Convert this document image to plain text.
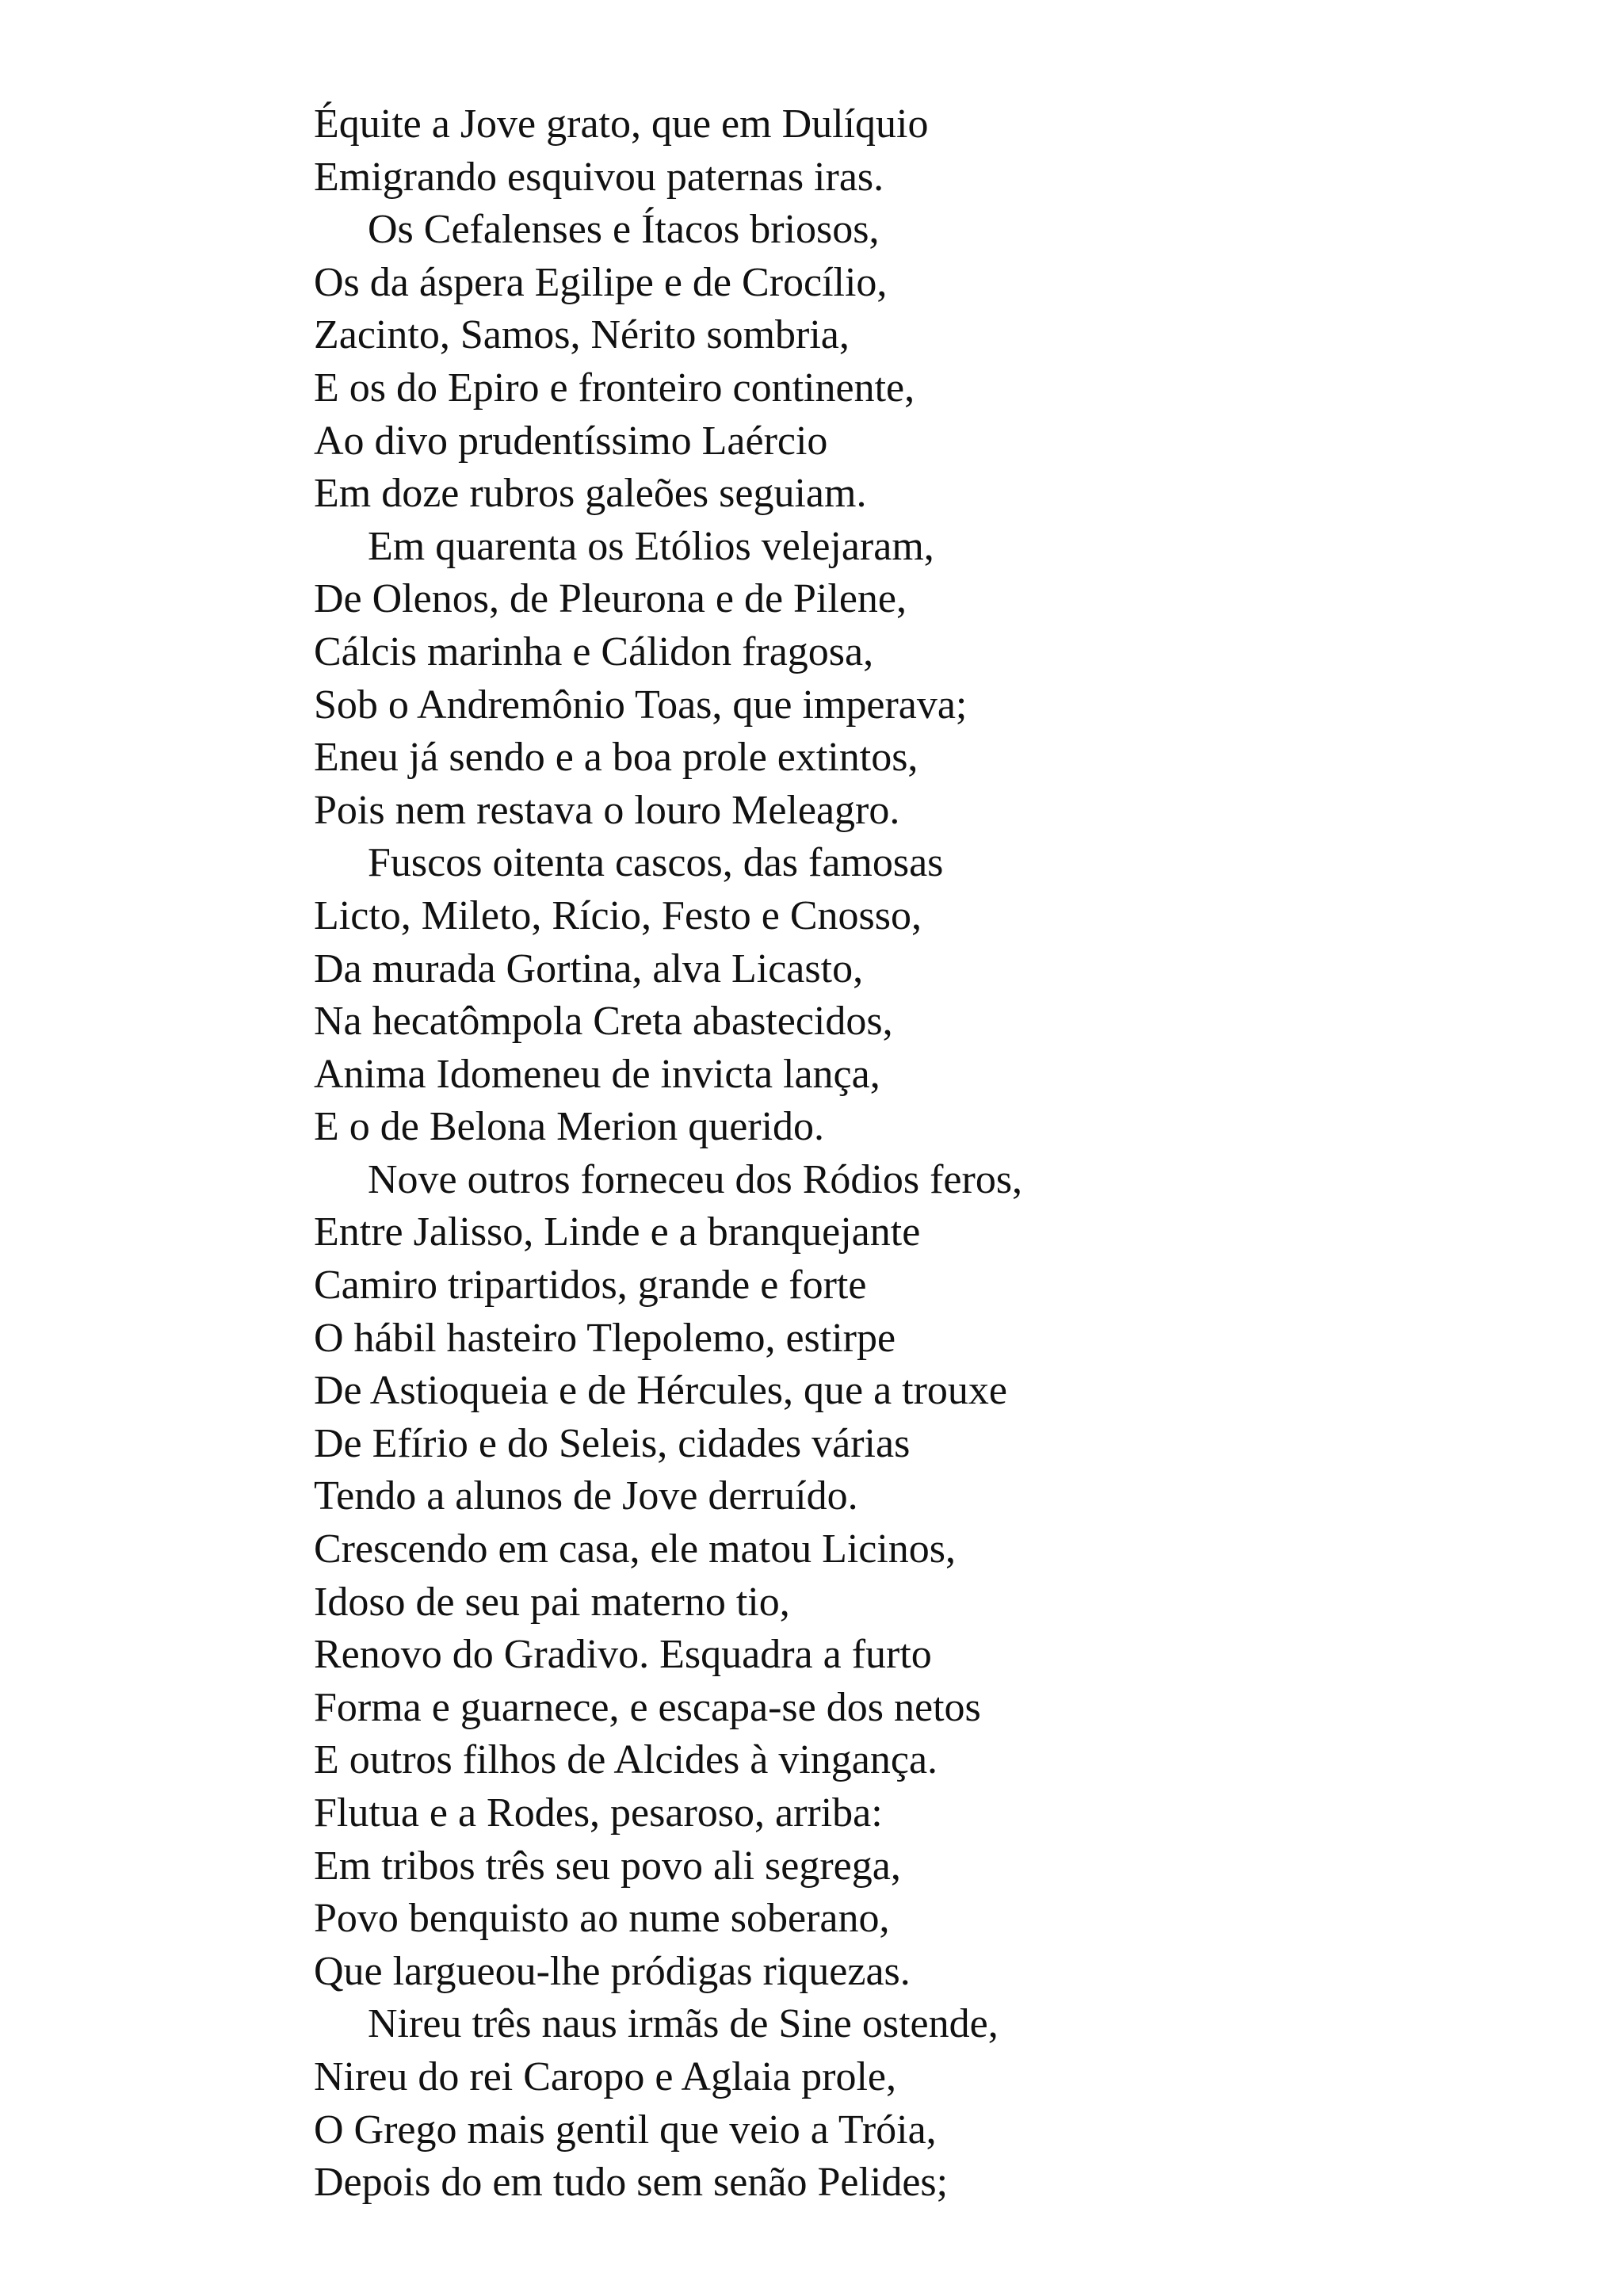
Équite a Jove grato, que em Dulíquio
Emigrando esquivou paternas iras.
Os Cefalenses e Ítacos briosos,
Os da áspera Egilipe e de Crocílio,
Zacinto, Samos, Nérito sombria,
E os do Epiro e fronteiro continente,
Ao divo prudentíssimo Laércio
Em doze rubros galeões seguiam.
Em quarenta os Etólios velejaram,
De Olenos, de Pleurona e de Pilene,
Cálcis marinha e Cálidon fragosa,
Sob o Andremônio Toas, que imperava;
Eneu já sendo e a boa prole extintos,
Pois nem restava o louro Meleagro.
Fuscos oitenta cascos, das famosas
Licto, Mileto, Rício, Festo e Cnosso,
Da murada Gortina, alva Licasto,
Na hecatômpola Creta abastecidos,
Anima Idomeneu de invicta lança,
E o de Belona Merion querido.
Nove outros forneceu dos Ródios feros,
Entre Jalisso, Linde e a branquejante
Camiro tripartidos, grande e forte
O hábil hasteiro Tlepolemo, estirpe
De Astioqueia e de Hércules, que a trouxe
De Efírio e do Seleis, cidades várias
Tendo a alunos de Jove derruído.
Crescendo em casa, ele matou Licinos,
Idoso de seu pai materno tio,
Renovo do Gradivo. Esquadra a furto
Forma e guarnece, e escapa-se dos netos
E outros filhos de Alcides à vingança.
Flutua e a Rodes, pesaroso, arriba:
Em tribos três seu povo ali segrega,
Povo benquisto ao nume soberano,
Que largueou-lhe pródigas riquezas.
Nireu três naus irmãs de Sine ostende,
Nireu do rei Caropo e Aglaia prole,
O Grego mais gentil que veio a Tróia,
Depois do em tudo sem senão Pelides;
